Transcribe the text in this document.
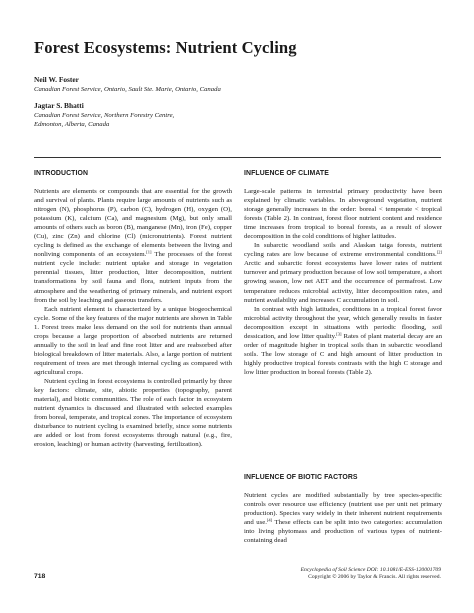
Forest Ecosystems: Nutrient Cycling
Neil W. Foster
Canadian Forest Service, Ontario, Sault Ste. Marie, Ontario, Canada
Jagtar S. Bhatti
Canadian Forest Service, Northern Forestry Centre,
Edmonton, Alberta, Canada
INTRODUCTION

Nutrients are elements or compounds that are essential for the growth and survival of plants. Plants require large amounts of nutrients such as nitrogen (N), phosphorus (P), carbon (C), hydrogen (H), oxygen (O), potassium (K), calcium (Ca), and magnesium (Mg), but only small amounts of others such as boron (B), manganese (Mn), iron (Fe), copper (Cu), zinc (Zn) and chlorine (Cl) (micronutrients). Forest nutrient cycling is defined as the exchange of elements between the living and nonliving components of an ecosystem.[1] The processes of the forest nutrient cycle include: nutrient uptake and storage in vegetation perennial tissues, litter production, litter decomposition, nutrient transformations by soil fauna and flora, nutrient inputs from the atmosphere and the weathering of primary minerals, and nutrient export from the soil by leaching and gaseous transfers.

Each nutrient element is characterized by a unique biogeochemical cycle. Some of the key features of the major nutrients are shown in Table 1. Forest trees make less demand on the soil for nutrients than annual crops because a large proportion of absorbed nutrients are returned annually to the soil in leaf and fine root litter and are reabsorbed after biological breakdown of litter materials. Also, a large portion of nutrient requirement of trees are met through internal cycling as compared with agricultural crops.

Nutrient cycling in forest ecosystems is controlled primarily by three key factors: climate, site, abiotic properties (topography, parent material), and biotic communities. The role of each factor in ecosystem nutrient dynamics is discussed and illustrated with selected examples from boreal, temperate, and tropical zones. The importance of ecosystem disturbance to nutrient cycling is examined briefly, since some nutrients are added or lost from forest ecosystems through natural (e.g., fire, erosion, leaching) or human activity (harvesting, fertilization).

INFLUENCE OF CLIMATE

Large-scale patterns in terrestrial primary productivity have been explained by climatic variables. In aboveground vegetation, nutrient storage generally increases in the order: boreal < temperate < tropical forests (Table 2). In contrast, forest floor nutrient content and residence time increases from tropical to boreal forests, as a result of slower decomposition in the cold conditions of higher latitudes.

In subarctic woodland soils and Alaskan taiga forests, nutrient cycling rates are low because of extreme environmental conditions.[2] Arctic and subarctic forest ecosystems have lower rates of nutrient turnover and primary production because of low soil temperature, a short growing season, low net AET and the occurrence of permafrost. Low temperature reduces microbial activity, litter decomposition rates, and nutrient availability and increases C accumulation in soil.

In contrast with high latitudes, conditions in a tropical forest favor microbial activity throughout the year, which generally results in faster decomposition except in situations with periodic flooding, soil dessication, and low litter quality.[3] Rates of plant material decay are an order of magnitude higher in tropical soils than in subarctic woodland soils. The low storage of C and high amount of litter production in highly productive tropical forests contrasts with the high C storage and low litter production in boreal forests (Table 2).

INFLUENCE OF BIOTIC FACTORS

Nutrient cycles are modified substantially by tree species-specific controls over resource use efficiency (nutrient use per unit net primary production). Species vary widely in their inherent nutrient requirements and use.[4] These effects can be split into two categories: accumulation into living phytomass and production of various types of nutrient-containing dead

718
Encyclopedia of Soil Science DOI: 10.1081/E-ESS-120001709
Copyright © 2006 by Taylor & Francis. All rights reserved.
